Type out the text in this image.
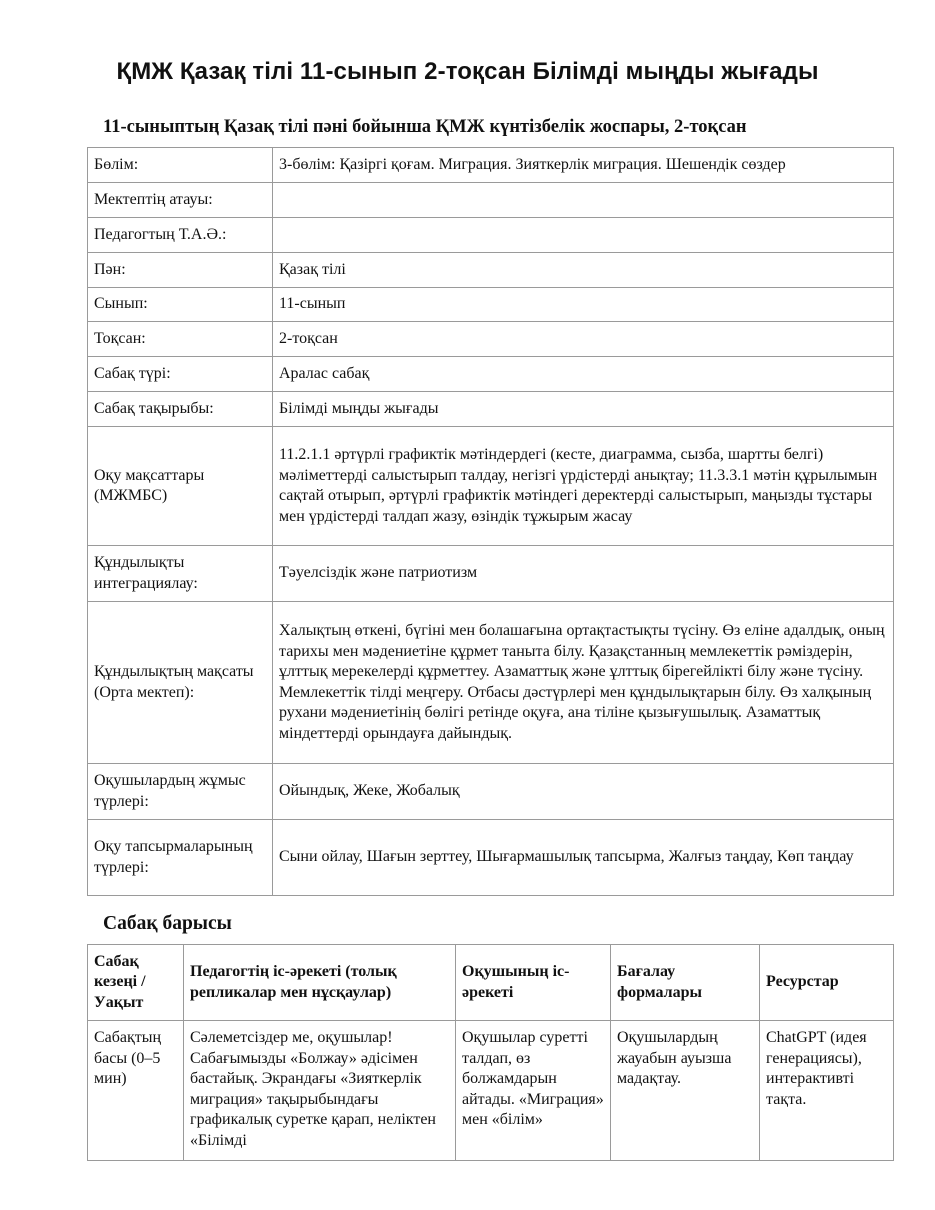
ҚМЖ Қазақ тілі 11-сынып 2-тоқсан Білімді мыңды жығады
11-сыныптың Қазақ тілі пәні бойынша ҚМЖ күнтізбелік жоспары, 2-тоқсан
Бөлім:	3-бөлім: Қазіргі қоғам. Миграция. Зияткерлік миграция. Шешендік сөздер
Мектептің атауы:	
Педагогтың Т.А.Ә.:	
Пән:	Қазақ тілі
Сынып:	11-сынып
Тоқсан:	2-тоқсан
Сабақ түрі:	Аралас сабақ
Сабақ тақырыбы:	Білімді мыңды жығады
Оқу мақсаттары (МЖМБС)	11.2.1.1 әртүрлі графиктік мәтіндердегі (кесте, диаграмма, сызба, шартты белгі) мәліметтерді салыстырып талдау, негізгі үрдістерді анықтау; 11.3.3.1 мәтін құрылымын сақтай отырып, әртүрлі графиктік мәтіндегі деректерді салыстырып, маңызды тұстары мен үрдістерді талдап жазу, өзіндік тұжырым жасау
Құндылықты интеграциялау:	Тәуелсіздік және патриотизм
Құндылықтың мақсаты (Орта мектеп):	Халықтың өткені, бүгіні мен болашағына ортақтастықты түсіну. Өз еліне адалдық, оның тарихы мен мәдениетіне құрмет таныта білу. Қазақстанның мемлекеттік рәміздерін, ұлттық мерекелерді құрметтеу. Азаматтық және ұлттық бірегейлікті білу және түсіну. Мемлекеттік тілді меңгеру. Отбасы дәстүрлері мен құндылықтарын білу. Өз халқының рухани мәдениетінің бөлігі ретінде оқуға, ана тіліне қызығушылық. Азаматтық міндеттерді орындауға дайындық.
Оқушылардың жұмыс түрлері:	Ойындық, Жеке, Жобалық
Оқу тапсырмаларының түрлері:	Сыни ойлау, Шағын зерттеу, Шығармашылық тапсырма, Жалғыз таңдау, Көп таңдау
Сабақ барысы
Сабақ кезеңі / Уақыт	Педагогтің іс-әрекеті (толық репликалар мен нұсқаулар)	Оқушының іс-әрекеті	Бағалау формалары	Ресурстар

Сабақтың басы (0–5 мин)	Сәлеметсіздер ме, оқушылар! Сабағымызды «Болжау» әдісімен бастайық. Экрандағы «Зияткерлік миграция» тақырыбындағы графикалық суретке қарап, неліктен «Білімді	Оқушылар суретті талдап, өз болжамдарын айтады. «Миграция» мен «білім»	Оқушылардың жауабын ауызша мадақтау.	ChatGPT (идея генерациясы), интерактивті тақта.
